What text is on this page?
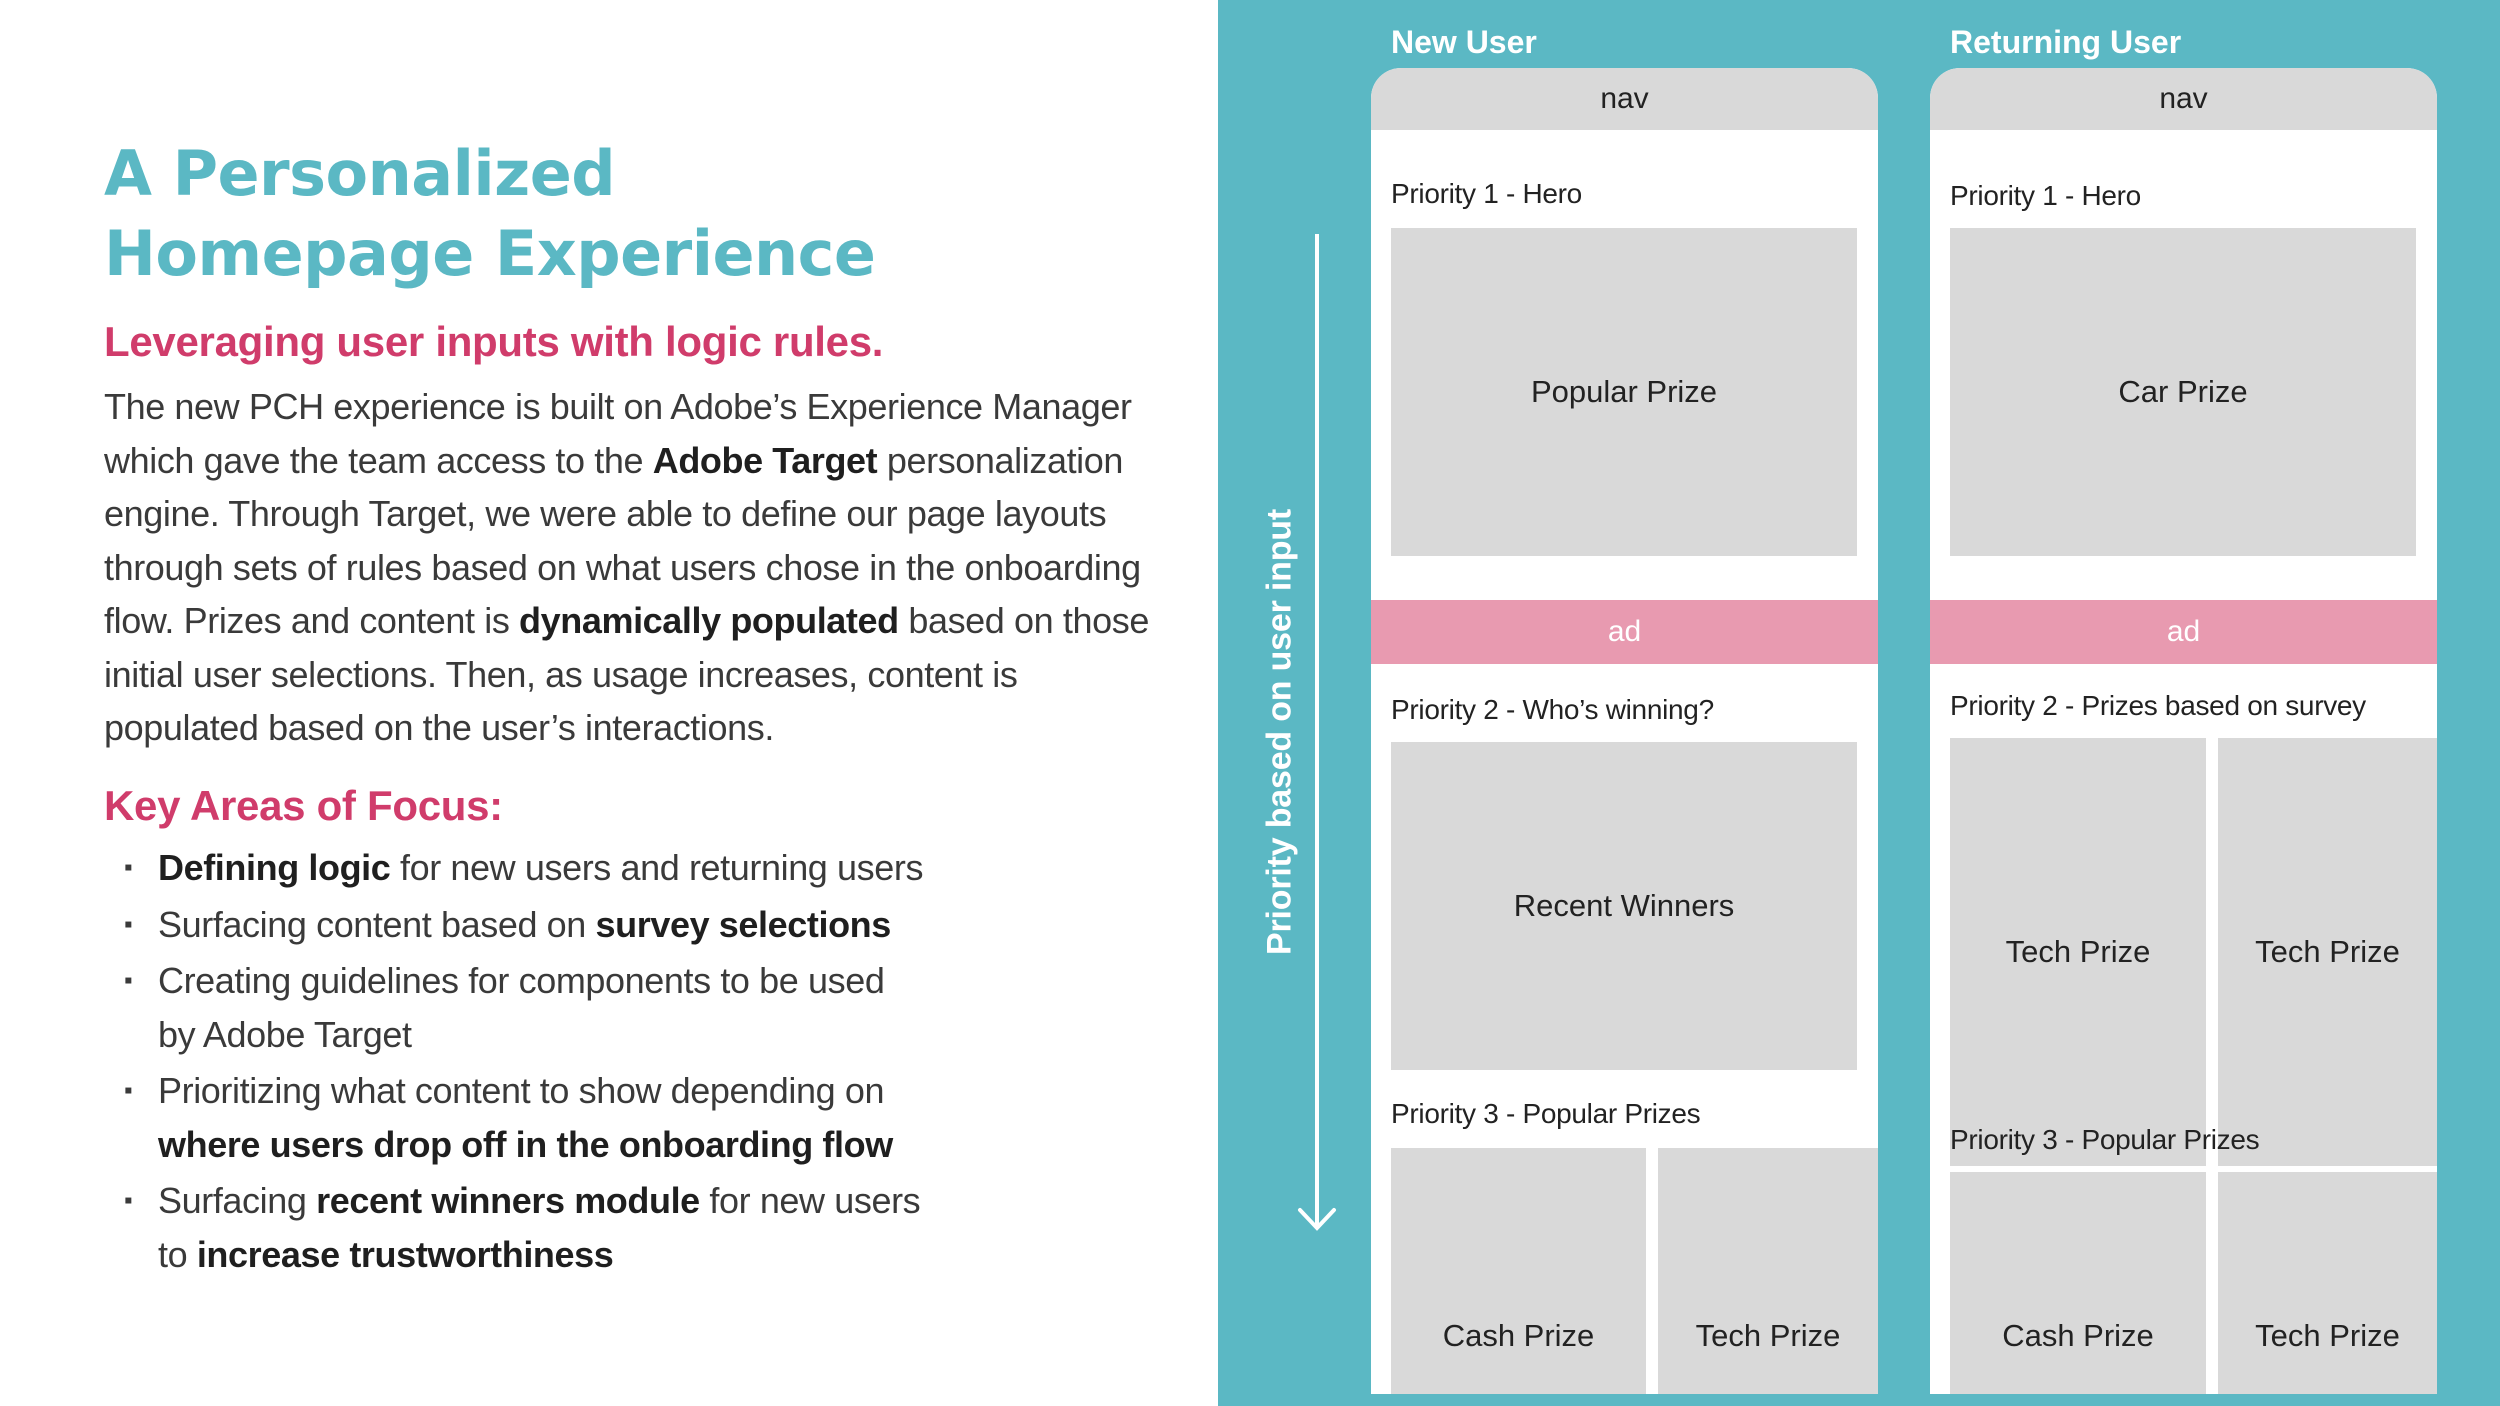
A Personalized
Homepage Experience
Leveraging user inputs with logic rules.

The new PCH experience is built on Adobe’s Experience Manager which gave the team access to the Adobe Target personalization engine. Through Target, we were able to define our page layouts through sets of rules based on what users chose in the onboarding flow. Prizes and content is dynamically populated based on those initial user selections. Then, as usage increases, content is populated based on the user’s interactions.

Key Areas of Focus:
▪ Defining logic for new users and returning users
▪ Surfacing content based on survey selections
▪ Creating guidelines for components to be used
by Adobe Target
▪ Prioritizing what content to show depending on
where users drop off in the onboarding flow
▪ Surfacing recent winners module for new users
to increase trustworthiness
Priority based on user input
New User
nav
Priority 1 - Hero
Popular Prize
ad
Priority 2 - Who’s winning?
Recent Winners
Priority 3 - Popular Prizes
Cash Prize	Tech Prize
Returning User
nav
Priority 1 - Hero
Car Prize
ad
Priority 2 - Prizes based on survey
Tech Prize	Tech Prize
Priority 3 - Popular Prizes
Cash Prize	Tech Prize
